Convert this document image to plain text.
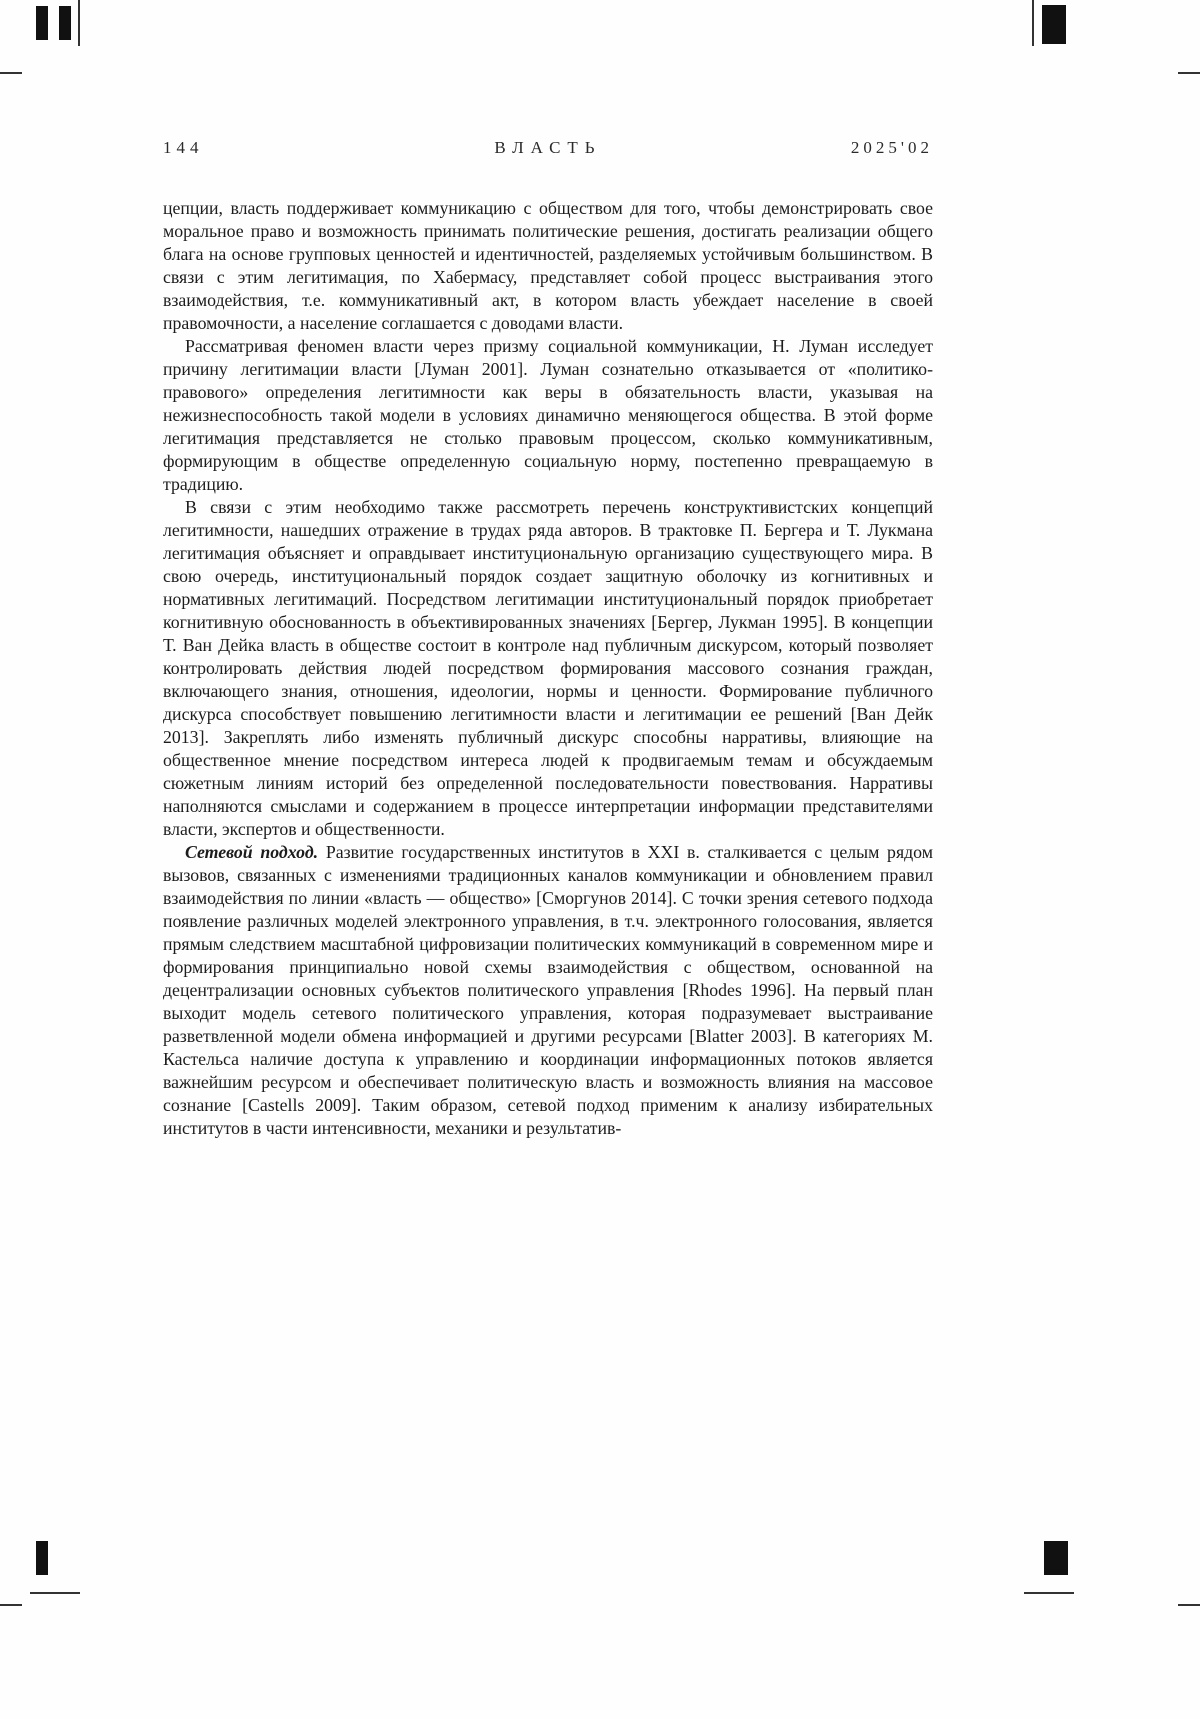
144	ВЛАСТЬ	2025'02

цепции, власть поддерживает коммуникацию с обществом для того, чтобы демонстрировать свое моральное право и возможность принимать политические решения, достигать реализации общего блага на основе групповых ценностей и идентичностей, разделяемых устойчивым большинством. В связи с этим легитимация, по Хабермасу, представляет собой процесс выстраивания этого взаимодействия, т.е. коммуникативный акт, в котором власть убеждает население в своей правомочности, а население соглашается с доводами власти.

Рассматривая феномен власти через призму социальной коммуникации, Н. Луман исследует причину легитимации власти [Луман 2001]. Луман сознательно отказывается от «политико-правового» определения легитимности как веры в обязательность власти, указывая на нежизнеспособность такой модели в условиях динамично меняющегося общества. В этой форме легитимация представляется не столько правовым процессом, сколько коммуникативным, формирующим в обществе определенную социальную норму, постепенно превращаемую в традицию.

В связи с этим необходимо также рассмотреть перечень конструктивистских концепций легитимности, нашедших отражение в трудах ряда авторов. В трактовке П. Бергера и Т. Лукмана легитимация объясняет и оправдывает институциональную организацию существующего мира. В свою очередь, институциональный порядок создает защитную оболочку из когнитивных и нормативных легитимаций. Посредством легитимации институциональный порядок приобретает когнитивную обоснованность в объективированных значениях [Бергер, Лукман 1995]. В концепции Т. Ван Дейка власть в обществе состоит в контроле над публичным дискурсом, который позволяет контролировать действия людей посредством формирования массового сознания граждан, включающего знания, отношения, идеологии, нормы и ценности. Формирование публичного дискурса способствует повышению легитимности власти и легитимации ее решений [Ван Дейк 2013]. Закреплять либо изменять публичный дискурс способны нарративы, влияющие на общественное мнение посредством интереса людей к продвигаемым темам и обсуждаемым сюжетным линиям историй без определенной последовательности повествования. Нарративы наполняются смыслами и содержанием в процессе интерпретации информации представителями власти, экспертов и общественности.

Сетевой подход. Развитие государственных институтов в XXI в. сталкивается с целым рядом вызовов, связанных с изменениями традиционных каналов коммуникации и обновлением правил взаимодействия по линии «власть — общество» [Сморгунов 2014]. С точки зрения сетевого подхода появление различных моделей электронного управления, в т.ч. электронного голосования, является прямым следствием масштабной цифровизации политических коммуникаций в современном мире и формирования принципиально новой схемы взаимодействия с обществом, основанной на децентрализации основных субъектов политического управления [Rhodes 1996]. На первый план выходит модель сетевого политического управления, которая подразумевает выстраивание разветвленной модели обмена информацией и другими ресурсами [Blatter 2003]. В категориях М. Кастельса наличие доступа к управлению и координации информационных потоков является важнейшим ресурсом и обеспечивает политическую власть и возможность влияния на массовое сознание [Castells 2009]. Таким образом, сетевой подход применим к анализу избирательных институтов в части интенсивности, механики и результатив-
